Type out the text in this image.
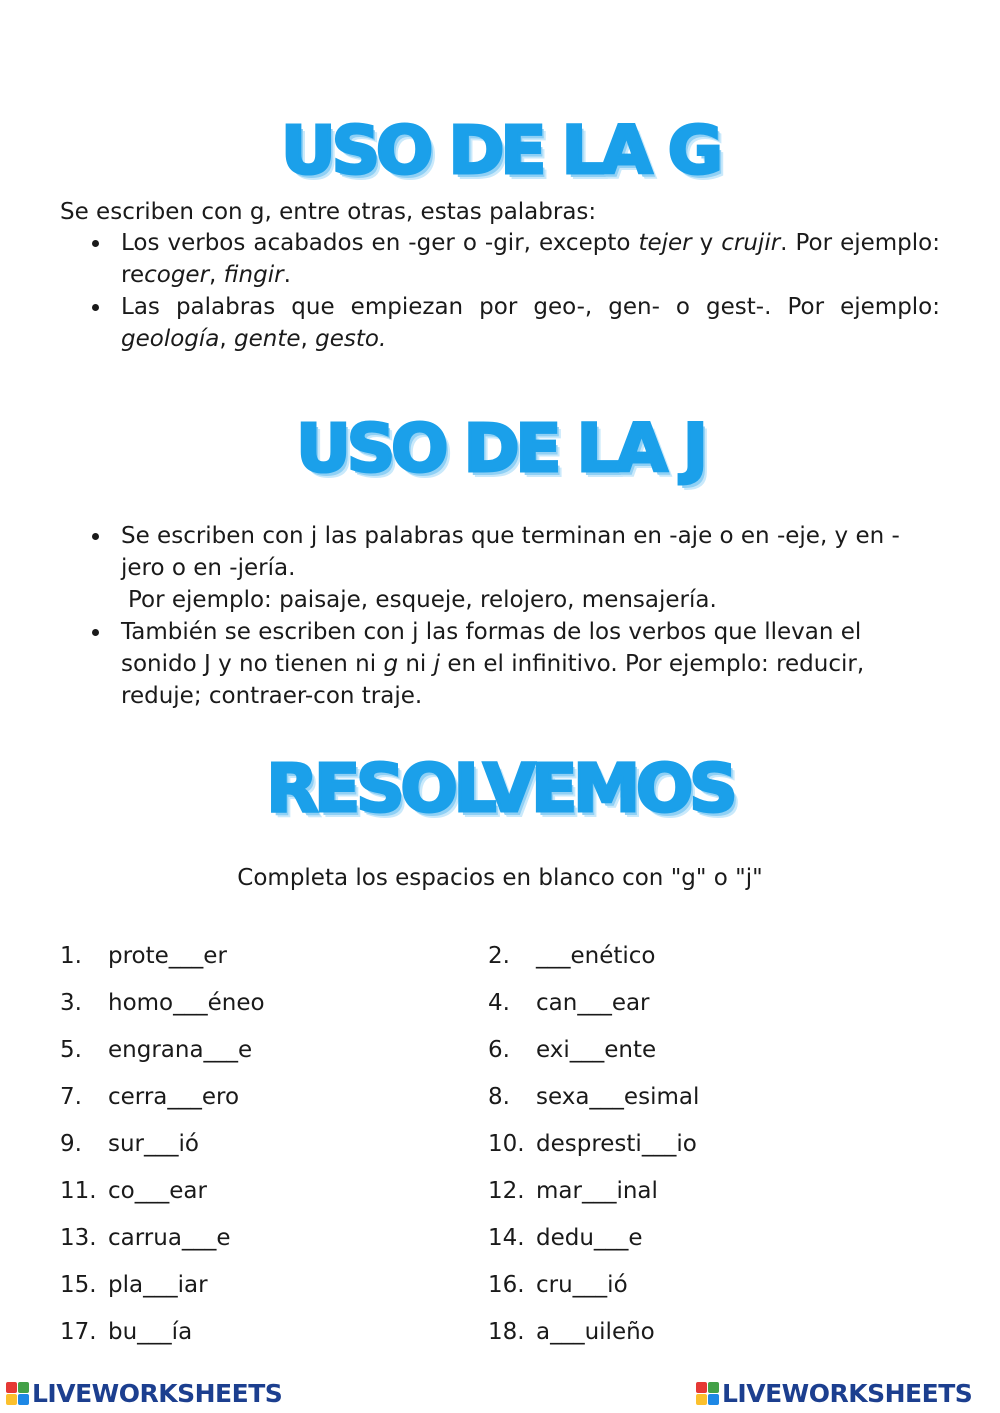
USO DE LA G
Se escriben con g, entre otras, estas palabras:
Los verbos acabados en -ger o -gir, excepto tejer y crujir. Por ejemplo: recoger, fingir.
Las palabras que empiezan por geo-, gen- o gest-. Por ejemplo: geología, gente, gesto.
USO DE LA J
Se escriben con j las palabras que terminan en -aje o en -eje, y en -jero o en -jería.
Por ejemplo: paisaje, esqueje, relojero, mensajería.
También se escriben con j las formas de los verbos que llevan el sonido J y no tienen ni g ni j en el infinitivo. Por ejemplo: reducir, reduje; contraer-con traje.
RESOLVEMOS
Completa los espacios en blanco con "g" o "j"
1. prote___er	2. ___enético
3. homo___éneo	4. can___ear
5. engrana___e	6. exi___ente
7. cerra___ero	8. sexa___esimal
9. sur___ió	10. despresti___io
11. co___ear	12. mar___inal
13. carrua___e	14. dedu___e
15. pla___iar	16. cru___ió
17. bu___ía	18. a___uileño
LIVEWORKSHEETS	LIVEWORKSHEETS
